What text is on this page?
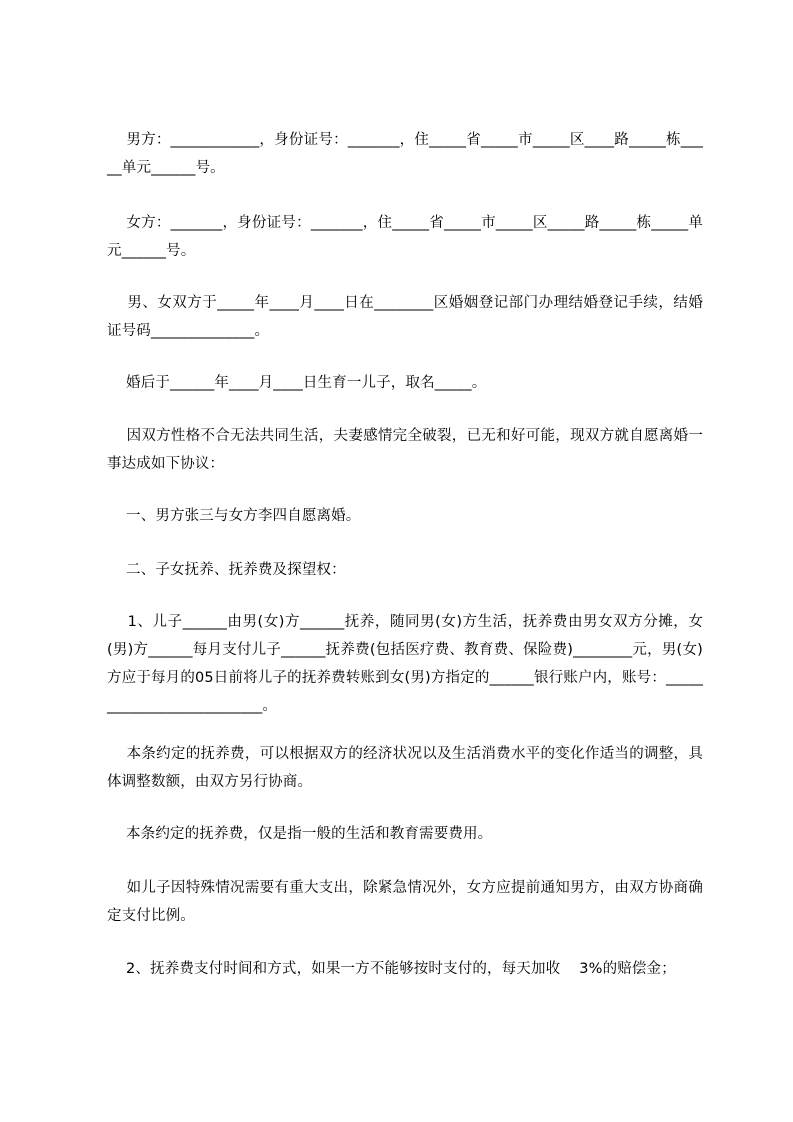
男方：____________，身份证号：_______，住_____省_____市_____区____路_____栋_____单元______号。

女方：_______，身份证号：_______，住_____省_____市_____区_____路_____栋_____单元______号。

男、女双方于_____年____月____日在________区婚姻登记部门办理结婚登记手续，结婚证号码______________。

婚后于______年____月____日生育一儿子，取名_____。

因双方性格不合无法共同生活，夫妻感情完全破裂，已无和好可能，现双方就自愿离婚一事达成如下协议：

一、男方张三与女方李四自愿离婚。

二、子女抚养、抚养费及探望权：

1、儿子______由男(女)方______抚养，随同男(女)方生活，抚养费由男女双方分摊，女(男)方______每月支付儿子______抚养费(包括医疗费、教育费、保险费)________元，男(女)方应于每月的05日前将儿子的抚养费转账到女(男)方指定的______银行账户内，账号：__________________________。

本条约定的抚养费，可以根据双方的经济状况以及生活消费水平的变化作适当的调整，具体调整数额，由双方另行协商。

本条约定的抚养费，仅是指一般的生活和教育需要费用。

如儿子因特殊情况需要有重大支出，除紧急情况外，女方应提前通知男方，由双方协商确定支付比例。

2、抚养费支付时间和方式，如果一方不能够按时支付的，每天加收    3%的赔偿金；
